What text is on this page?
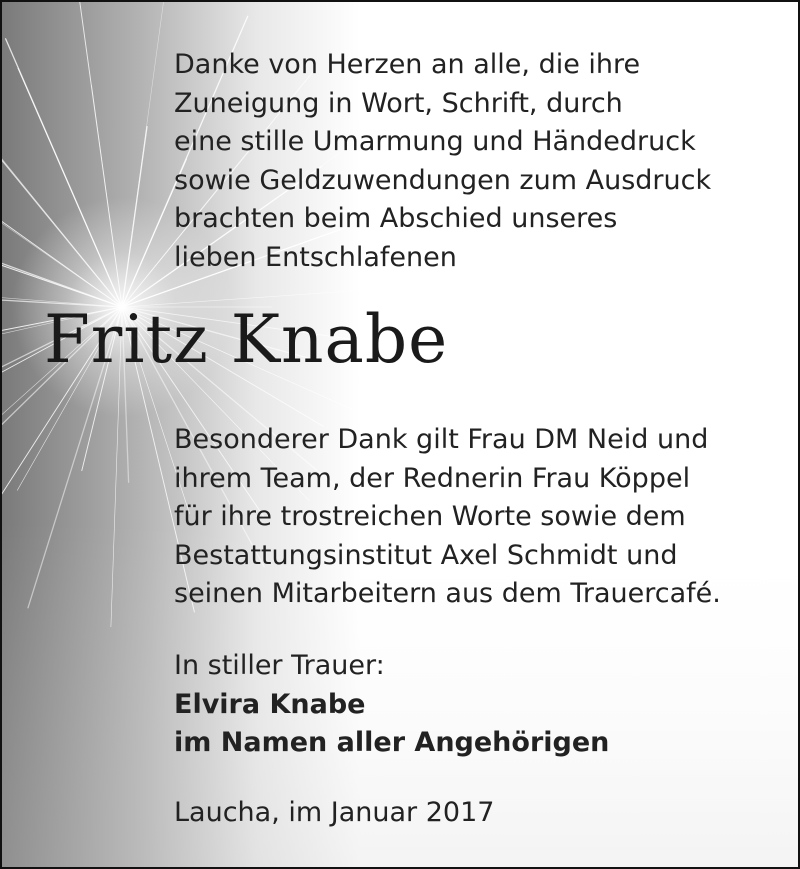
Danke von Herzen an alle, die ihre
Zuneigung in Wort, Schrift, durch
eine stille Umarmung und Händedruck
sowie Geldzuwendungen zum Ausdruck
brachten beim Abschied unseres
lieben Entschlafenen
Fritz Knabe
Besonderer Dank gilt Frau DM Neid und
ihrem Team, der Rednerin Frau Köppel
für ihre trostreichen Worte sowie dem
Bestattungsinstitut Axel Schmidt und
seinen Mitarbeitern aus dem Trauercafé.
In stiller Trauer:
Elvira Knabe
im Namen aller Angehörigen
Laucha, im Januar 2017
